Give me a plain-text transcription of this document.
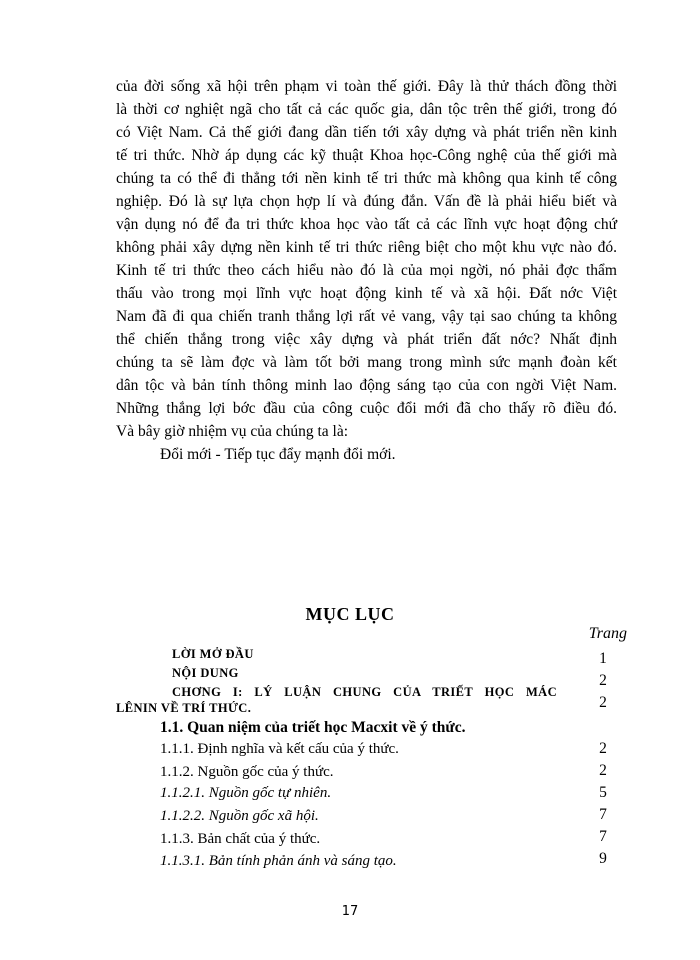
của đời sống xã hội trên phạm vi toàn thế giới. Đây là thử thách đồng thời
là thời cơ nghiệt ngã cho tất cả các quốc gia, dân tộc trên thế giới, trong đó
có Việt Nam. Cả thế giới đang dần tiến tới xây dựng và phát triển nền kinh
tế tri thức. Nhờ áp dụng các kỹ thuật Khoa học-Công nghệ của thế giới mà
chúng ta có thể đi thẳng tới nền kinh tế tri thức mà không qua kinh tế công
nghiệp. Đó là sự lựa chọn hợp lí và đúng đắn. Vấn đề là phải hiểu biết và
vận dụng nó để đa tri thức khoa học vào tất cả các lĩnh vực hoạt động chứ
không phải xây dựng nền kinh tế tri thức riêng biệt cho một khu vực nào đó.
Kinh tế tri thức theo cách hiểu nào đó là của mọi ngời, nó phải đợc thẩm
thấu vào trong mọi lĩnh vực hoạt động kinh tế và xã hội. Đất nớc Việt
Nam đã đi qua chiến tranh thắng lợi rất vẻ vang, vậy tại sao chúng ta không
thể chiến thắng trong việc xây dựng và phát triển đất nớc? Nhất định
chúng ta sẽ làm đợc và làm tốt bởi mang trong mình sức mạnh đoàn kết
dân tộc và bản tính thông minh lao động sáng tạo của con ngời Việt Nam.
Những thắng lợi bớc đầu của công cuộc đổi mới đã cho thấy rõ điều đó.
Và bây giờ nhiệm vụ của chúng ta là:
Đổi mới - Tiếp tục đẩy mạnh đổi mới.
MỤC LỤC
Trang
LỜI MỞ ĐẦU	1
NỘI DUNG	2
CHƠNG I: LÝ LUẬN CHUNG CỦA TRIẾT HỌC MÁC
LÊNIN VỀ TRÍ THỨC.	2
1.1. Quan niệm của triết học Macxit về ý thức.
1.1.1. Định nghĩa và kết cấu của ý thức.	2
1.1.2. Nguồn gốc của ý thức.	2
1.1.2.1. Nguồn gốc tự nhiên.	5
1.1.2.2. Nguồn gốc xã hội.	7
1.1.3. Bản chất của ý thức.	7
1.1.3.1. Bản tính phản ánh và sáng tạo.	9
17
